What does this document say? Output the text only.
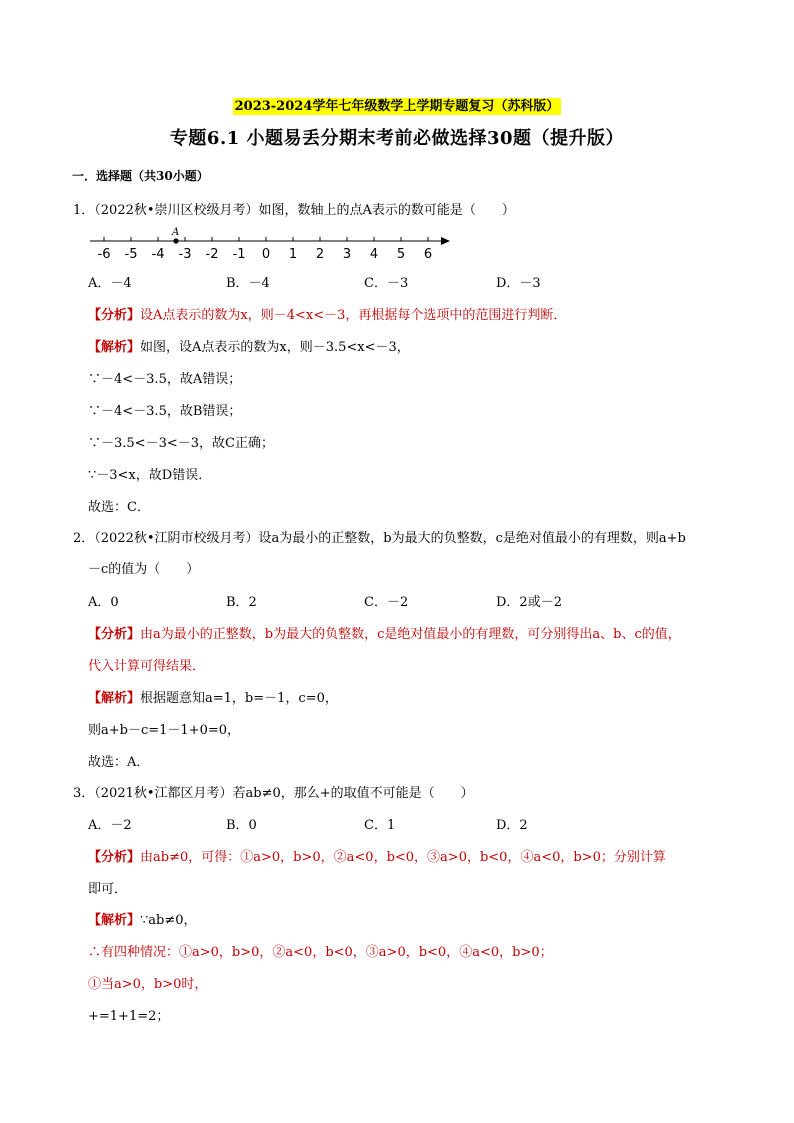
2023-2024学年七年级数学上学期专题复习（苏科版）
专题6.1 小题易丢分期末考前必做选择30题（提升版）
一．选择题（共30小题）
1．（2022秋•崇川区校级月考）如图，数轴上的点A表示的数可能是（　　）
-6 -5 -4 -3 -2 -1 0 1 2 3 4 5 6
A
A．－4	B．－4	C．－3	D．－3
【分析】设A点表示的数为x，则－4<x<－3，再根据每个选项中的范围进行判断．
【解析】如图，设A点表示的数为x，则－3.5<x<－3，
∵－4<－3.5，故A错误；
∵－4<－3.5，故B错误；
∵－3.5<－3<－3，故C正确；
∵－3<x，故D错误．
故选：C．
2．（2022秋•江阴市校级月考）设a为最小的正整数，b为最大的负整数，c是绝对值最小的有理数，则a+b
－c的值为（　　）
A．0	B．2	C．－2	D．2或－2
【分析】由a为最小的正整数，b为最大的负整数，c是绝对值最小的有理数，可分别得出a、b、c的值，
代入计算可得结果．
【解析】根据题意知a=1，b=－1，c=0，
则a+b－c=1－1+0=0，
故选：A．
3．（2021秋•江都区月考）若ab≠0，那么+的取值不可能是（　　）
A．－2	B．0	C．1	D．2
【分析】由ab≠0，可得：①a>0，b>0，②a<0，b<0，③a>0，b<0，④a<0，b>0；分别计算
即可．
【解析】∵ab≠0，
∴有四种情况：①a>0，b>0，②a<0，b<0，③a>0，b<0，④a<0，b>0；
①当a>0，b>0时，
+=1+1=2；
